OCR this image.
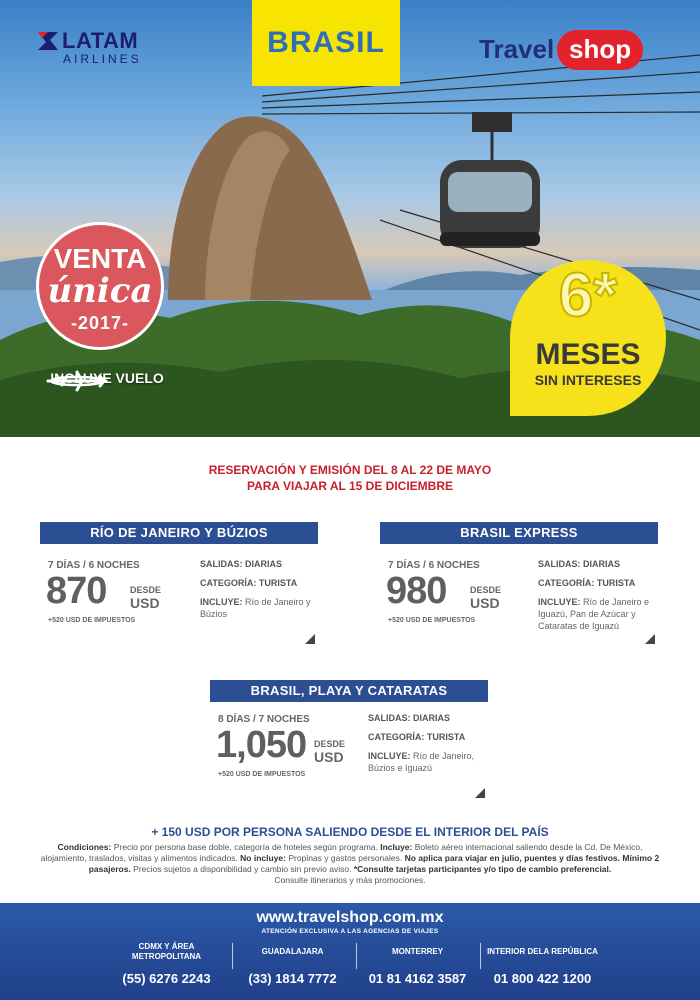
LATAM
AIRLINES	BRASIL	Travel shop
VENTA
única
-2017-
INCLUYE VUELO
6*
MESES
SIN INTERESES
RESERVACIÓN Y EMISIÓN DEL 8 AL 22 DE MAYO
PARA VIAJAR AL 15 DE DICIEMBRE
RÍO DE JANEIRO Y BÚZIOS
7 DÍAS / 6 NOCHES
870	DESDE
USD
+520 USD DE IMPUESTOS
SALIDAS: DIARIAS
CATEGORÍA: TURISTA
INCLUYE: Río de Janeiro y Búzios
BRASIL EXPRESS
7 DÍAS / 6 NOCHES
980	DESDE
USD
+520 USD DE IMPUESTOS
SALIDAS: DIARIAS
CATEGORÍA: TURISTA
INCLUYE: Río de Janeiro e Iguazú, Pan de Azúcar y Cataratas de Iguazú
BRASIL, PLAYA Y CATARATAS
8 DÍAS / 7 NOCHES
1,050 DESDE
USD
+520 USD DE IMPUESTOS
SALIDAS: DIARIAS
CATEGORÍA: TURISTA
INCLUYE: Río de Janeiro, Búzios e Iguazú
+ 150 USD POR PERSONA SALIENDO DESDE EL INTERIOR DEL PAÍS
Condiciones: Precio por persona base doble, categoría de hoteles según programa. Incluye: Boleto aéreo internacional saliendo desde la Cd. De México, alojamiento, traslados, visitas y alimentos indicados. No incluye: Propinas y gastos personales. No aplica para viajar en julio, puentes y días festivos. Mínimo 2 pasajeros. Precios sujetos a disponibilidad y cambio sin previo aviso. *Consulte tarjetas participantes y/o tipo de cambio preferencial.
Consulte itinerarios y más promociones.
www.travelshop.com.mx
ATENCIÓN EXCLUSIVA A LAS AGENCIAS DE VIAJES
CDMX Y ÁREA METROPOLITANA
(55) 6276 2243
GUADALAJARA
(33) 1814 7772
MONTERREY
01 81 4162 3587
INTERIOR DELA REPÚBLICA
01 800 422 1200
